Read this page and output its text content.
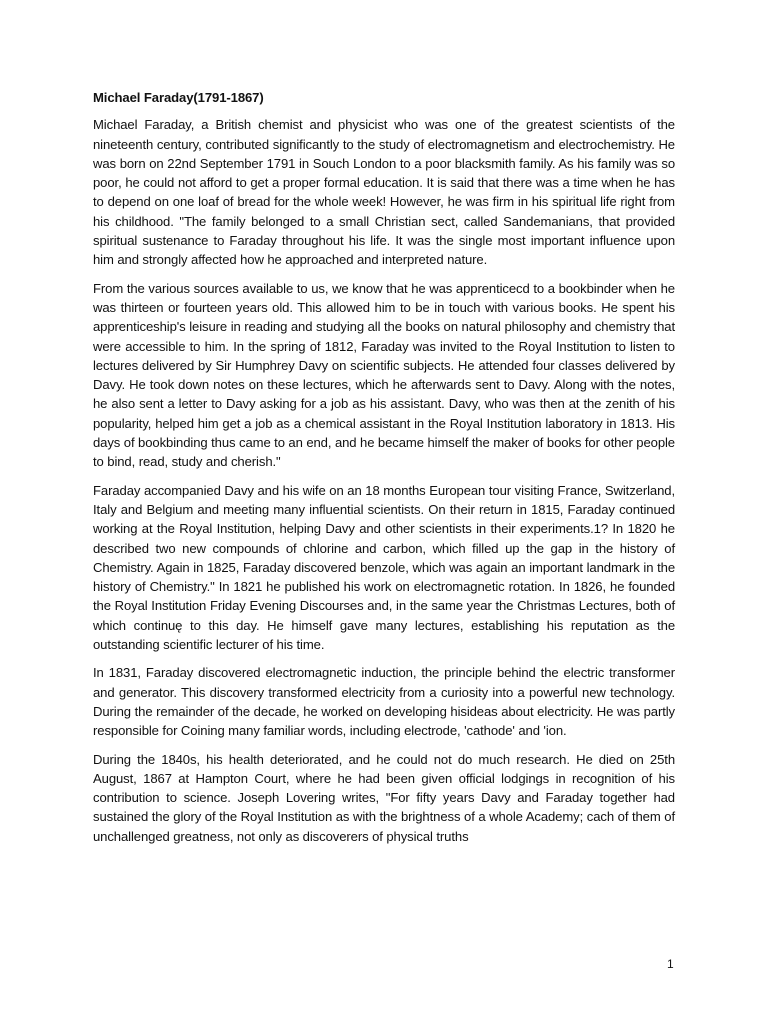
Michael Faraday(1791-1867)

Michael Faraday, a British chemist and physicist who was one of the greatest scientists of the nineteenth century, contributed significantly to the study of electromagnetism and electrochemistry. He was born on 22nd September 1791 in Souch London to a poor blacksmith family. As his family was so poor, he could not afford to get a proper formal education. It is said that there was a time when he has to depend on one loaf of bread for the whole week! However, he was firm in his spiritual life right from his childhood. "The family belonged to a small Christian sect, called Sandemanians, that provided spiritual sustenance to Faraday throughout his life. It was the single most important influence upon him and strongly affected how he approached and interpreted nature.

From the various sources available to us, we know that he was apprenticecd to a bookbinder when he was thirteen or fourteen years old. This allowed him to be in touch with various books. He spent his apprenticeship's leisure in reading and studying all the books on natural philosophy and chemistry that were accessible to him. In the spring of 1812, Faraday was invited to the Royal Institution to listen to lectures delivered by Sir Humphrey Davy on scientific subjects. He attended four classes delivered by Davy. He took down notes on these lectures, which he afterwards sent to Davy. Along with the notes, he also sent a letter to Davy asking for a job as his assistant. Davy, who was then at the zenith of his popularity, helped him get a job as a chemical assistant in the Royal Institution laboratory in 1813. His days of bookbinding thus came to an end, and he became himself the maker of books for other people to bind, read, study and cherish."

Faraday accompanied Davy and his wife on an 18 months European tour visiting France, Switzerland, Italy and Belgium and meeting many influential scientists. On their return in 1815, Faraday continued working at the Royal Institution, helping Davy and other scientists in their experiments.1? In 1820 he described two new compounds of chlorine and carbon, which filled up the gap in the history of Chemistry. Again in 1825, Faraday discovered benzole, which was again an important landmark in the history of Chemistry." In 1821 he published his work on electromagnetic rotation. In 1826, he founded the Royal Institution Friday Evening Discourses and, in the same year the Christmas Lectures, both of which continuę to this day. He himself gave many lectures, establishing his reputation as the outstanding scientific lecturer of his time.

In 1831, Faraday discovered electromagnetic induction, the principle behind the electric transformer and generator. This discovery transformed electricity from a curiosity into a powerful new technology. During the remainder of the decade, he worked on developing hisideas about electricity. He was partly responsible for Coining many familiar words, including electrode, 'cathode' and 'ion.

During the 1840s, his health deteriorated, and he could not do much research. He died on 25th August, 1867 at Hampton Court, where he had been given official lodgings in recognition of his contribution to science. Joseph Lovering writes, "For fifty years Davy and Faraday together had sustained the glory of the Royal Institution as with the brightness of a whole Academy; cach of them of unchallenged greatness, not only as discoverers of physical truths

1
